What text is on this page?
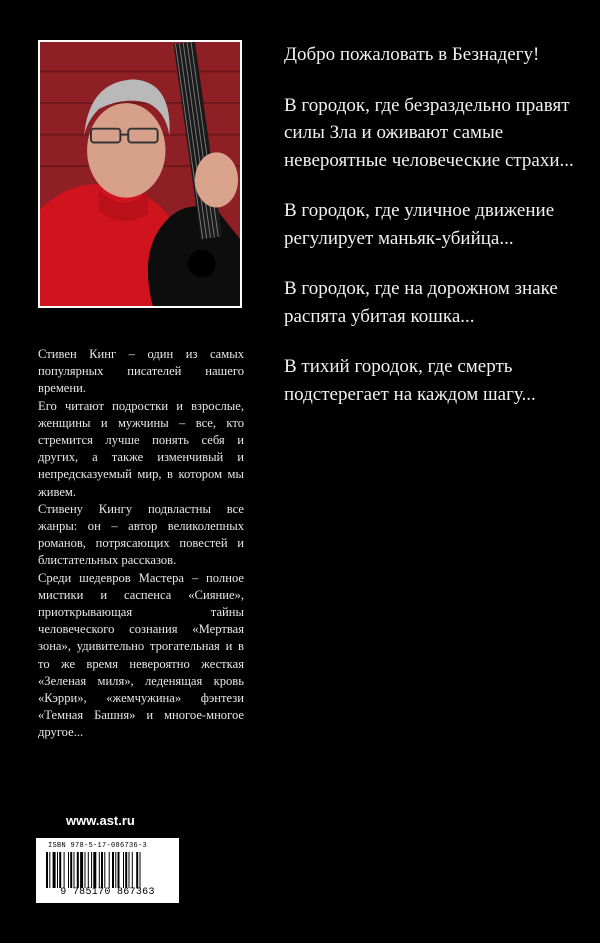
Стивен Кинг – один из самых популярных писателей нашего времени.

Его читают подростки и взрослые, женщины и мужчины – все, кто стремится лучше понять себя и других, а также изменчивый и непредсказуемый мир, в котором мы живем.

Стивену Кингу подвластны все жанры: он – автор великолепных романов, потрясающих повестей и блистательных рассказов.

Среди шедевров Мастера – полное мистики и саспенса «Сияние», приоткрывающая тайны человеческого сознания «Мертвая зона», удивительно трогательная и в то же время невероятно жесткая «Зеленая миля», леденящая кровь «Кэрри», «жемчужина» фэнтези «Темная Башня» и многое-многое другое...

www.ast.ru
ISBN 978-5-17-086736-3
9 785170 867363

Добро пожаловать в Безнадегу!

В городок, где безраздельно правят силы Зла и оживают самые невероятные человеческие страхи...

В городок, где уличное движение регулирует маньяк-убийца...

В городок, где на дорожном знаке распята убитая кошка...

В тихий городок, где смерть подстерегает на каждом шагу...
